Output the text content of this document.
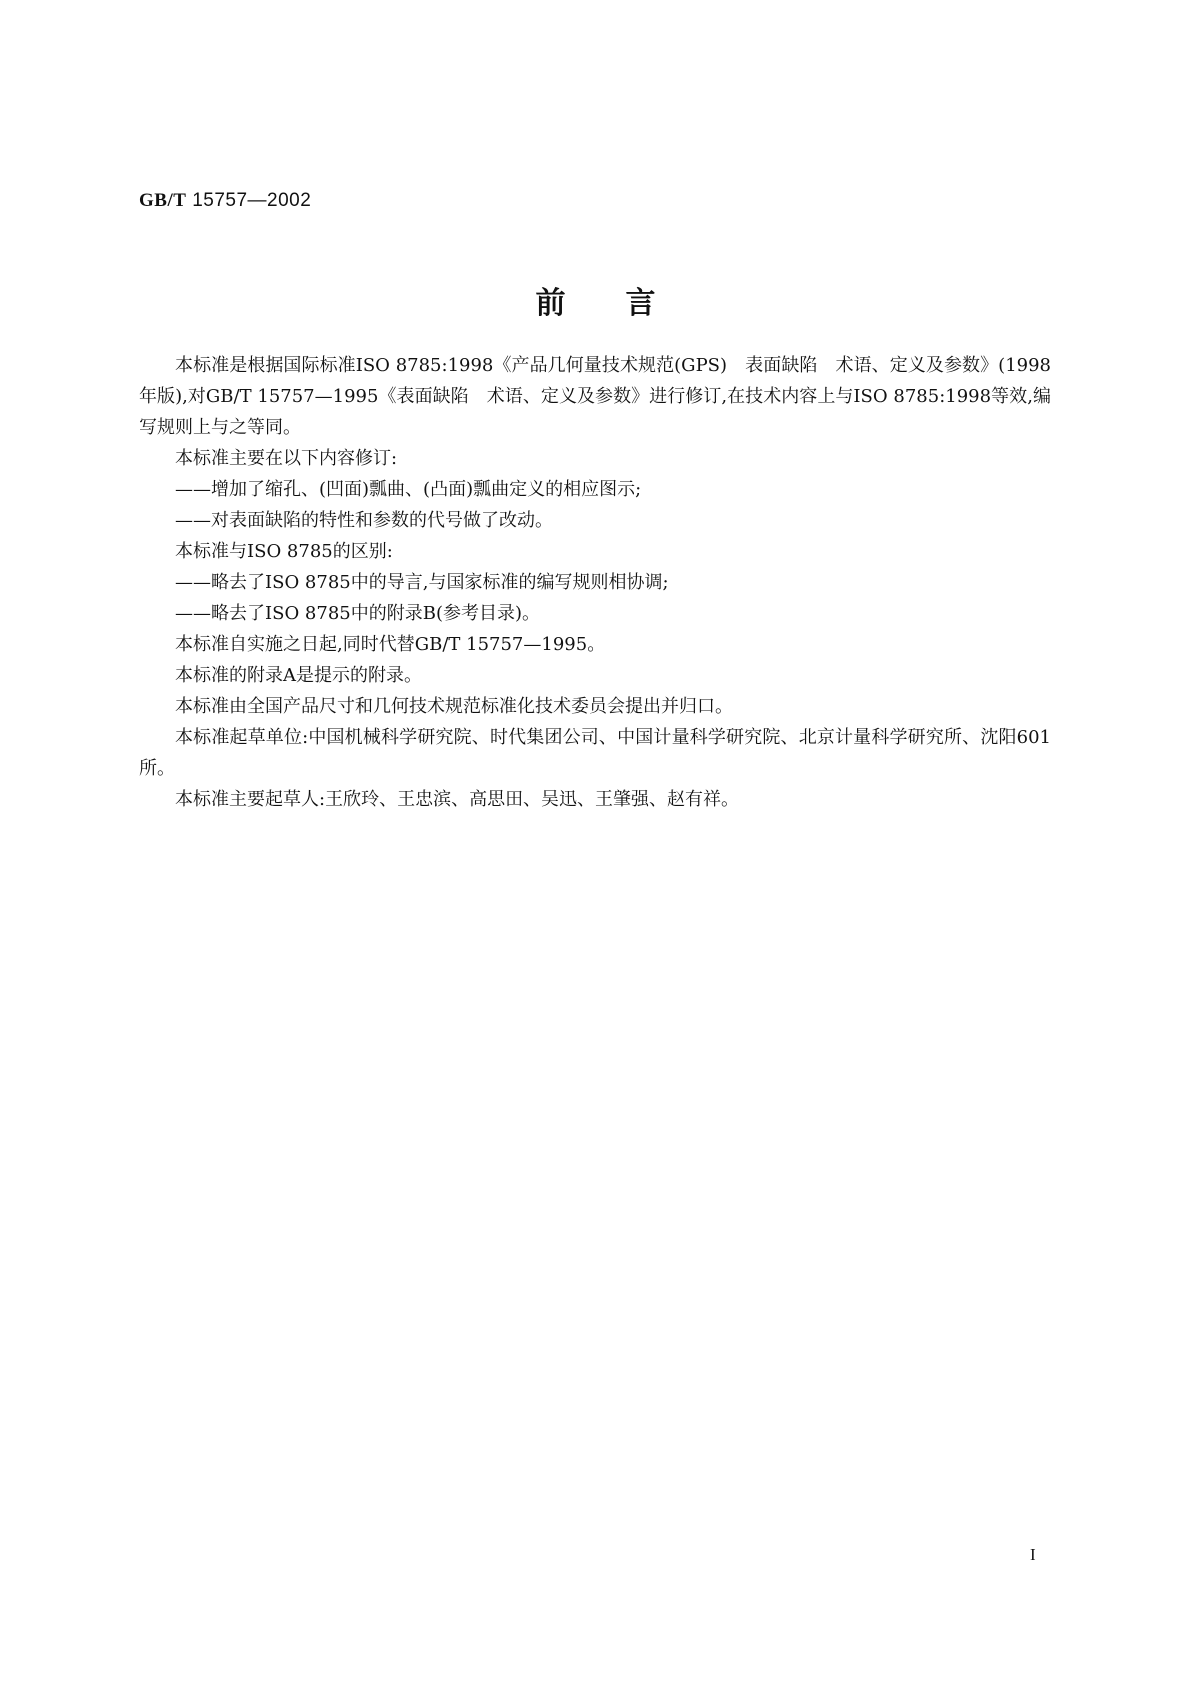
GB/T 15757—2002
前言

本标准是根据国际标准ISO 8785:1998《产品几何量技术规范(GPS)　表面缺陷　术语、定义及参数》(1998年版),对GB/T 15757—1995《表面缺陷　术语、定义及参数》进行修订,在技术内容上与ISO 8785:1998等效,编写规则上与之等同。

本标准主要在以下内容修订:

——增加了缩孔、(凹面)瓢曲、(凸面)瓢曲定义的相应图示;

——对表面缺陷的特性和参数的代号做了改动。

本标准与ISO 8785的区别:

——略去了ISO 8785中的导言,与国家标准的编写规则相协调;

——略去了ISO 8785中的附录B(参考目录)。

本标准自实施之日起,同时代替GB/T 15757—1995。

本标准的附录A是提示的附录。

本标准由全国产品尺寸和几何技术规范标准化技术委员会提出并归口。

本标准起草单位:中国机械科学研究院、时代集团公司、中国计量科学研究院、北京计量科学研究所、沈阳601所。

本标准主要起草人:王欣玲、王忠滨、高思田、吴迅、王肇强、赵有祥。

I
